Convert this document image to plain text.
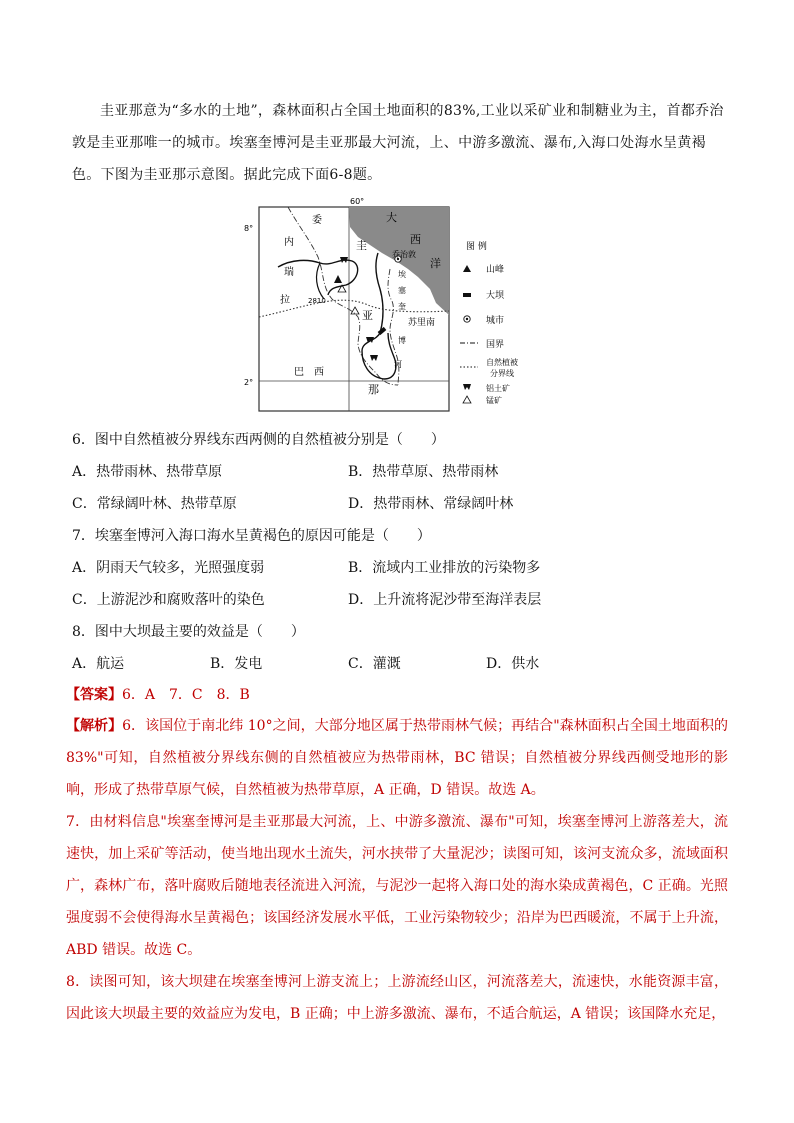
圭亚那意为“多水的土地”，森林面积占全国土地面积的83%,工业以采矿业和制糖业为主，首都乔治敦是圭亚那唯一的城市。埃塞奎博河是圭亚那最大河流，上、中游多激流、瀑布,入海口处海水呈黄褐色。下图为圭亚那示意图。据此完成下面6-8题。
60°
8°
2°
委
内
瑞
拉
圭
亚
那
巴 西
苏里南
大
西
洋
埃
塞
奎
博
河
乔治敦
2810
图 例
山峰
大坝
城市
国界
自然植被
分界线
铝土矿
锰矿
6．图中自然植被分界线东西两侧的自然植被分别是（　　）
A．热带雨林、热带草原	B．热带草原、热带雨林
C．常绿阔叶林、热带草原	D．热带雨林、常绿阔叶林
7．埃塞奎博河入海口海水呈黄褐色的原因可能是（　　）
A．阴雨天气较多，光照强度弱	B．流域内工业排放的污染物多
C．上游泥沙和腐败落叶的染色	D．上升流将泥沙带至海洋表层
8．图中大坝最主要的效益是（　　）
A．航运	B．发电	C．灌溉	D．供水
【答案】6．A　7．C　8．B
【解析】6．该国位于南北纬 10°之间，大部分地区属于热带雨林气候；再结合"森林面积占全国土地面积的83%"可知，自然植被分界线东侧的自然植被应为热带雨林，BC 错误；自然植被分界线西侧受地形的影响，形成了热带草原气候，自然植被为热带草原，A 正确，D 错误。故选 A。
7．由材料信息"埃塞奎博河是圭亚那最大河流，上、中游多激流、瀑布"可知，埃塞奎博河上游落差大，流速快，加上采矿等活动，使当地出现水土流失，河水挟带了大量泥沙；读图可知，该河支流众多，流域面积广，森林广布，落叶腐败后随地表径流进入河流，与泥沙一起将入海口处的海水染成黄褐色，C 正确。光照强度弱不会使得海水呈黄褐色；该国经济发展水平低，工业污染物较少；沿岸为巴西暖流，不属于上升流，ABD 错误。故选 C。
8．读图可知，该大坝建在埃塞奎博河上游支流上；上游流经山区，河流落差大，流速快，水能资源丰富，因此该大坝最主要的效益应为发电，B 正确；中上游多激流、瀑布，不适合航运，A 错误；该国降水充足，
